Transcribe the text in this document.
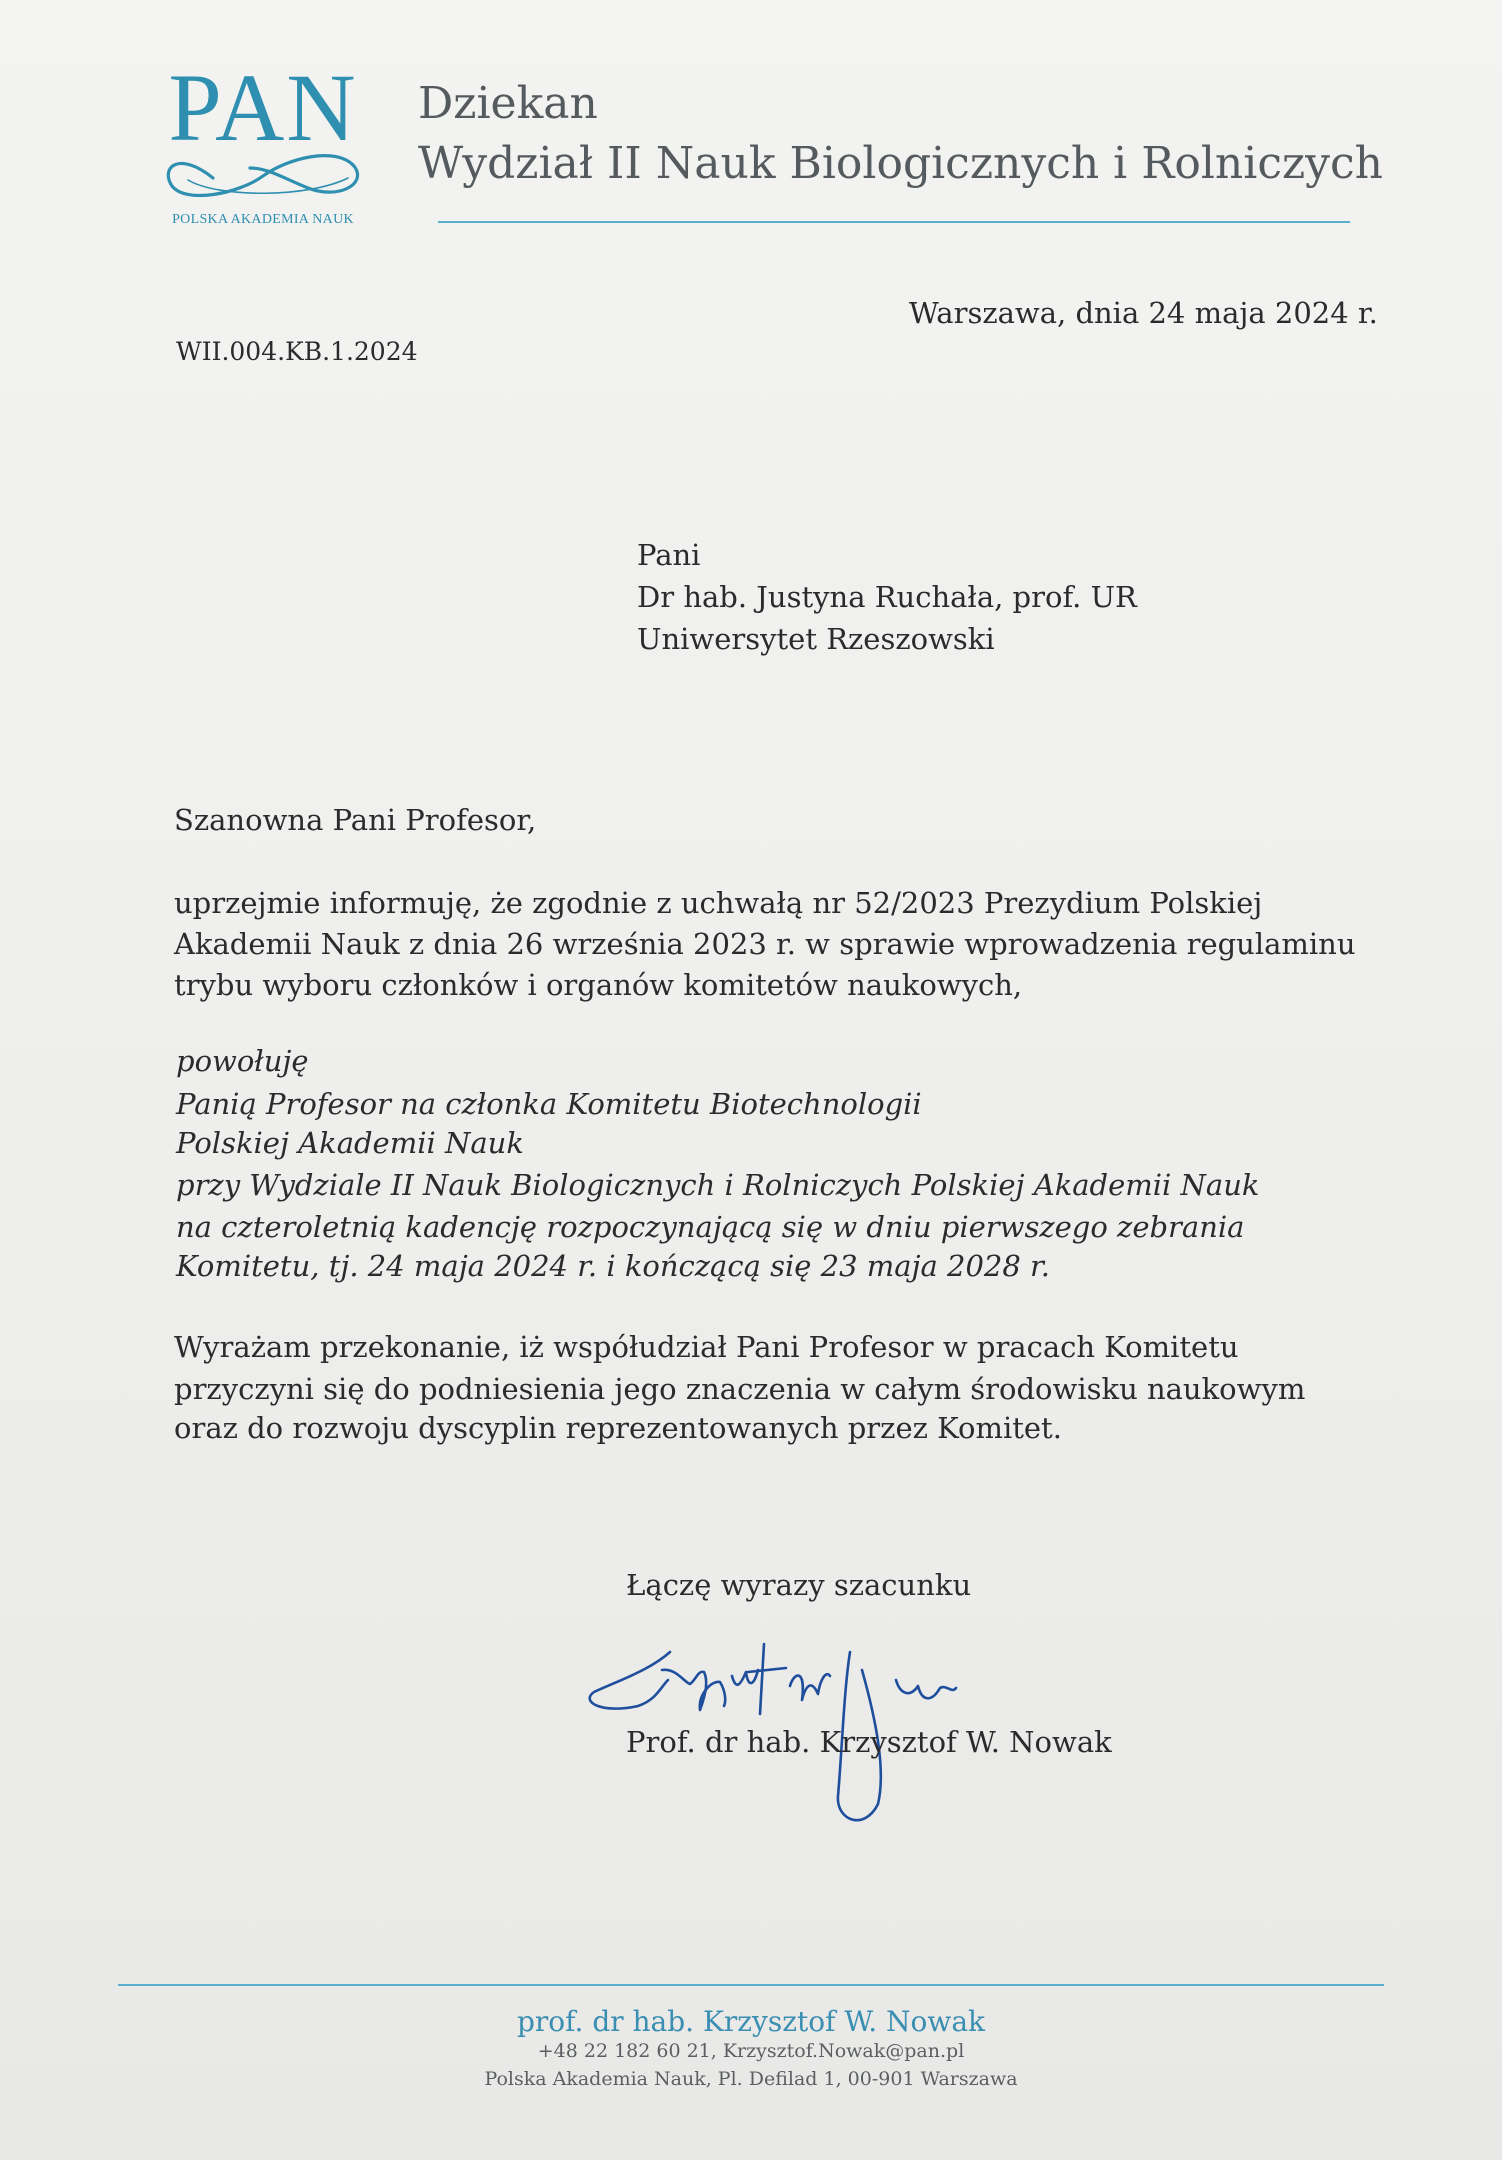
PAN
POLSKA AKADEMIA NAUK
Dziekan
Wydział II Nauk Biologicznych i Rolniczych
Warszawa, dnia 24 maja 2024 r.
WII.004.KB.1.2024
Pani
Dr hab. Justyna Ruchała, prof. UR
Uniwersytet Rzeszowski
Szanowna Pani Profesor,
uprzejmie informuję, że zgodnie z uchwałą nr 52/2023 Prezydium Polskiej
Akademii Nauk z dnia 26 września 2023 r. w sprawie wprowadzenia regulaminu
trybu wyboru członków i organów komitetów naukowych,
powołuję
Panią Profesor na członka Komitetu Biotechnologii
Polskiej Akademii Nauk
przy Wydziale II Nauk Biologicznych i Rolniczych Polskiej Akademii Nauk
na czteroletnią kadencję rozpoczynającą się w dniu pierwszego zebrania
Komitetu, tj. 24 maja 2024 r. i kończącą się 23 maja 2028 r.
Wyrażam przekonanie, iż współudział Pani Profesor w pracach Komitetu
przyczyni się do podniesienia jego znaczenia w całym środowisku naukowym
oraz do rozwoju dyscyplin reprezentowanych przez Komitet.
Łączę wyrazy szacunku
Prof. dr hab. Krzysztof W. Nowak
prof. dr hab. Krzysztof W. Nowak
+48 22 182 60 21, Krzysztof.Nowak@pan.pl
Polska Akademia Nauk, Pl. Defilad 1, 00-901 Warszawa
